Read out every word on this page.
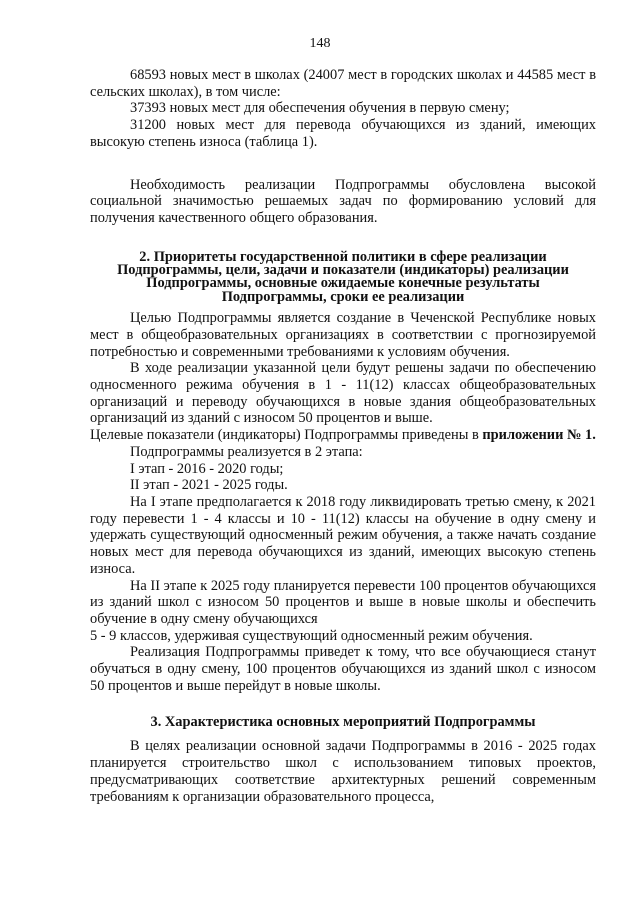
148

68593 новых мест в школах (24007 мест в городских школах и 44585 мест в сельских школах), в том числе:

37393 новых мест для обеспечения обучения в первую смену;

31200 новых мест для перевода обучающихся из зданий, имеющих высокую степень износа (таблица 1).

Необходимость реализации Подпрограммы обусловлена высокой социальной значимостью решаемых задач по формированию условий для получения качественного общего образования.

2. Приоритеты государственной политики в сфере реализации
Подпрограммы, цели, задачи и показатели (индикаторы) реализации
Подпрограммы, основные ожидаемые конечные результаты
Подпрограммы, сроки ее реализации

Целью Подпрограммы является создание в Чеченской Республике новых мест в общеобразовательных организациях в соответствии с прогнозируемой потребностью и современными требованиями к условиям обучения.

В ходе реализации указанной цели будут решены задачи по обеспечению односменного режима обучения в 1 - 11(12) классах общеобразовательных организаций и переводу обучающихся в новые здания общеобразовательных организаций из зданий с износом 50 процентов и выше.

Целевые показатели (индикаторы) Подпрограммы приведены в приложении № 1.

Подпрограммы реализуется в 2 этапа:

I этап - 2016 - 2020 годы;

II этап - 2021 - 2025 годы.

На I этапе предполагается к 2018 году ликвидировать третью смену, к 2021 году перевести 1 - 4 классы и 10 - 11(12) классы на обучение в одну смену и удержать существующий односменный режим обучения, а также начать создание новых мест для перевода обучающихся из зданий, имеющих высокую степень износа.

На II этапе к 2025 году планируется перевести 100 процентов обучающихся из зданий школ с износом 50 процентов и выше в новые школы и обеспечить обучение в одну смену обучающихся

5 - 9 классов, удерживая существующий односменный режим обучения.

Реализация Подпрограммы приведет к тому, что все обучающиеся станут обучаться в одну смену, 100 процентов обучающихся из зданий школ с износом 50 процентов и выше перейдут в новые школы.

3. Характеристика основных мероприятий Подпрограммы

В целях реализации основной задачи Подпрограммы в 2016 - 2025 годах планируется строительство школ с использованием типовых проектов, предусматривающих соответствие архитектурных решений современным требованиям к организации образовательного процесса,
